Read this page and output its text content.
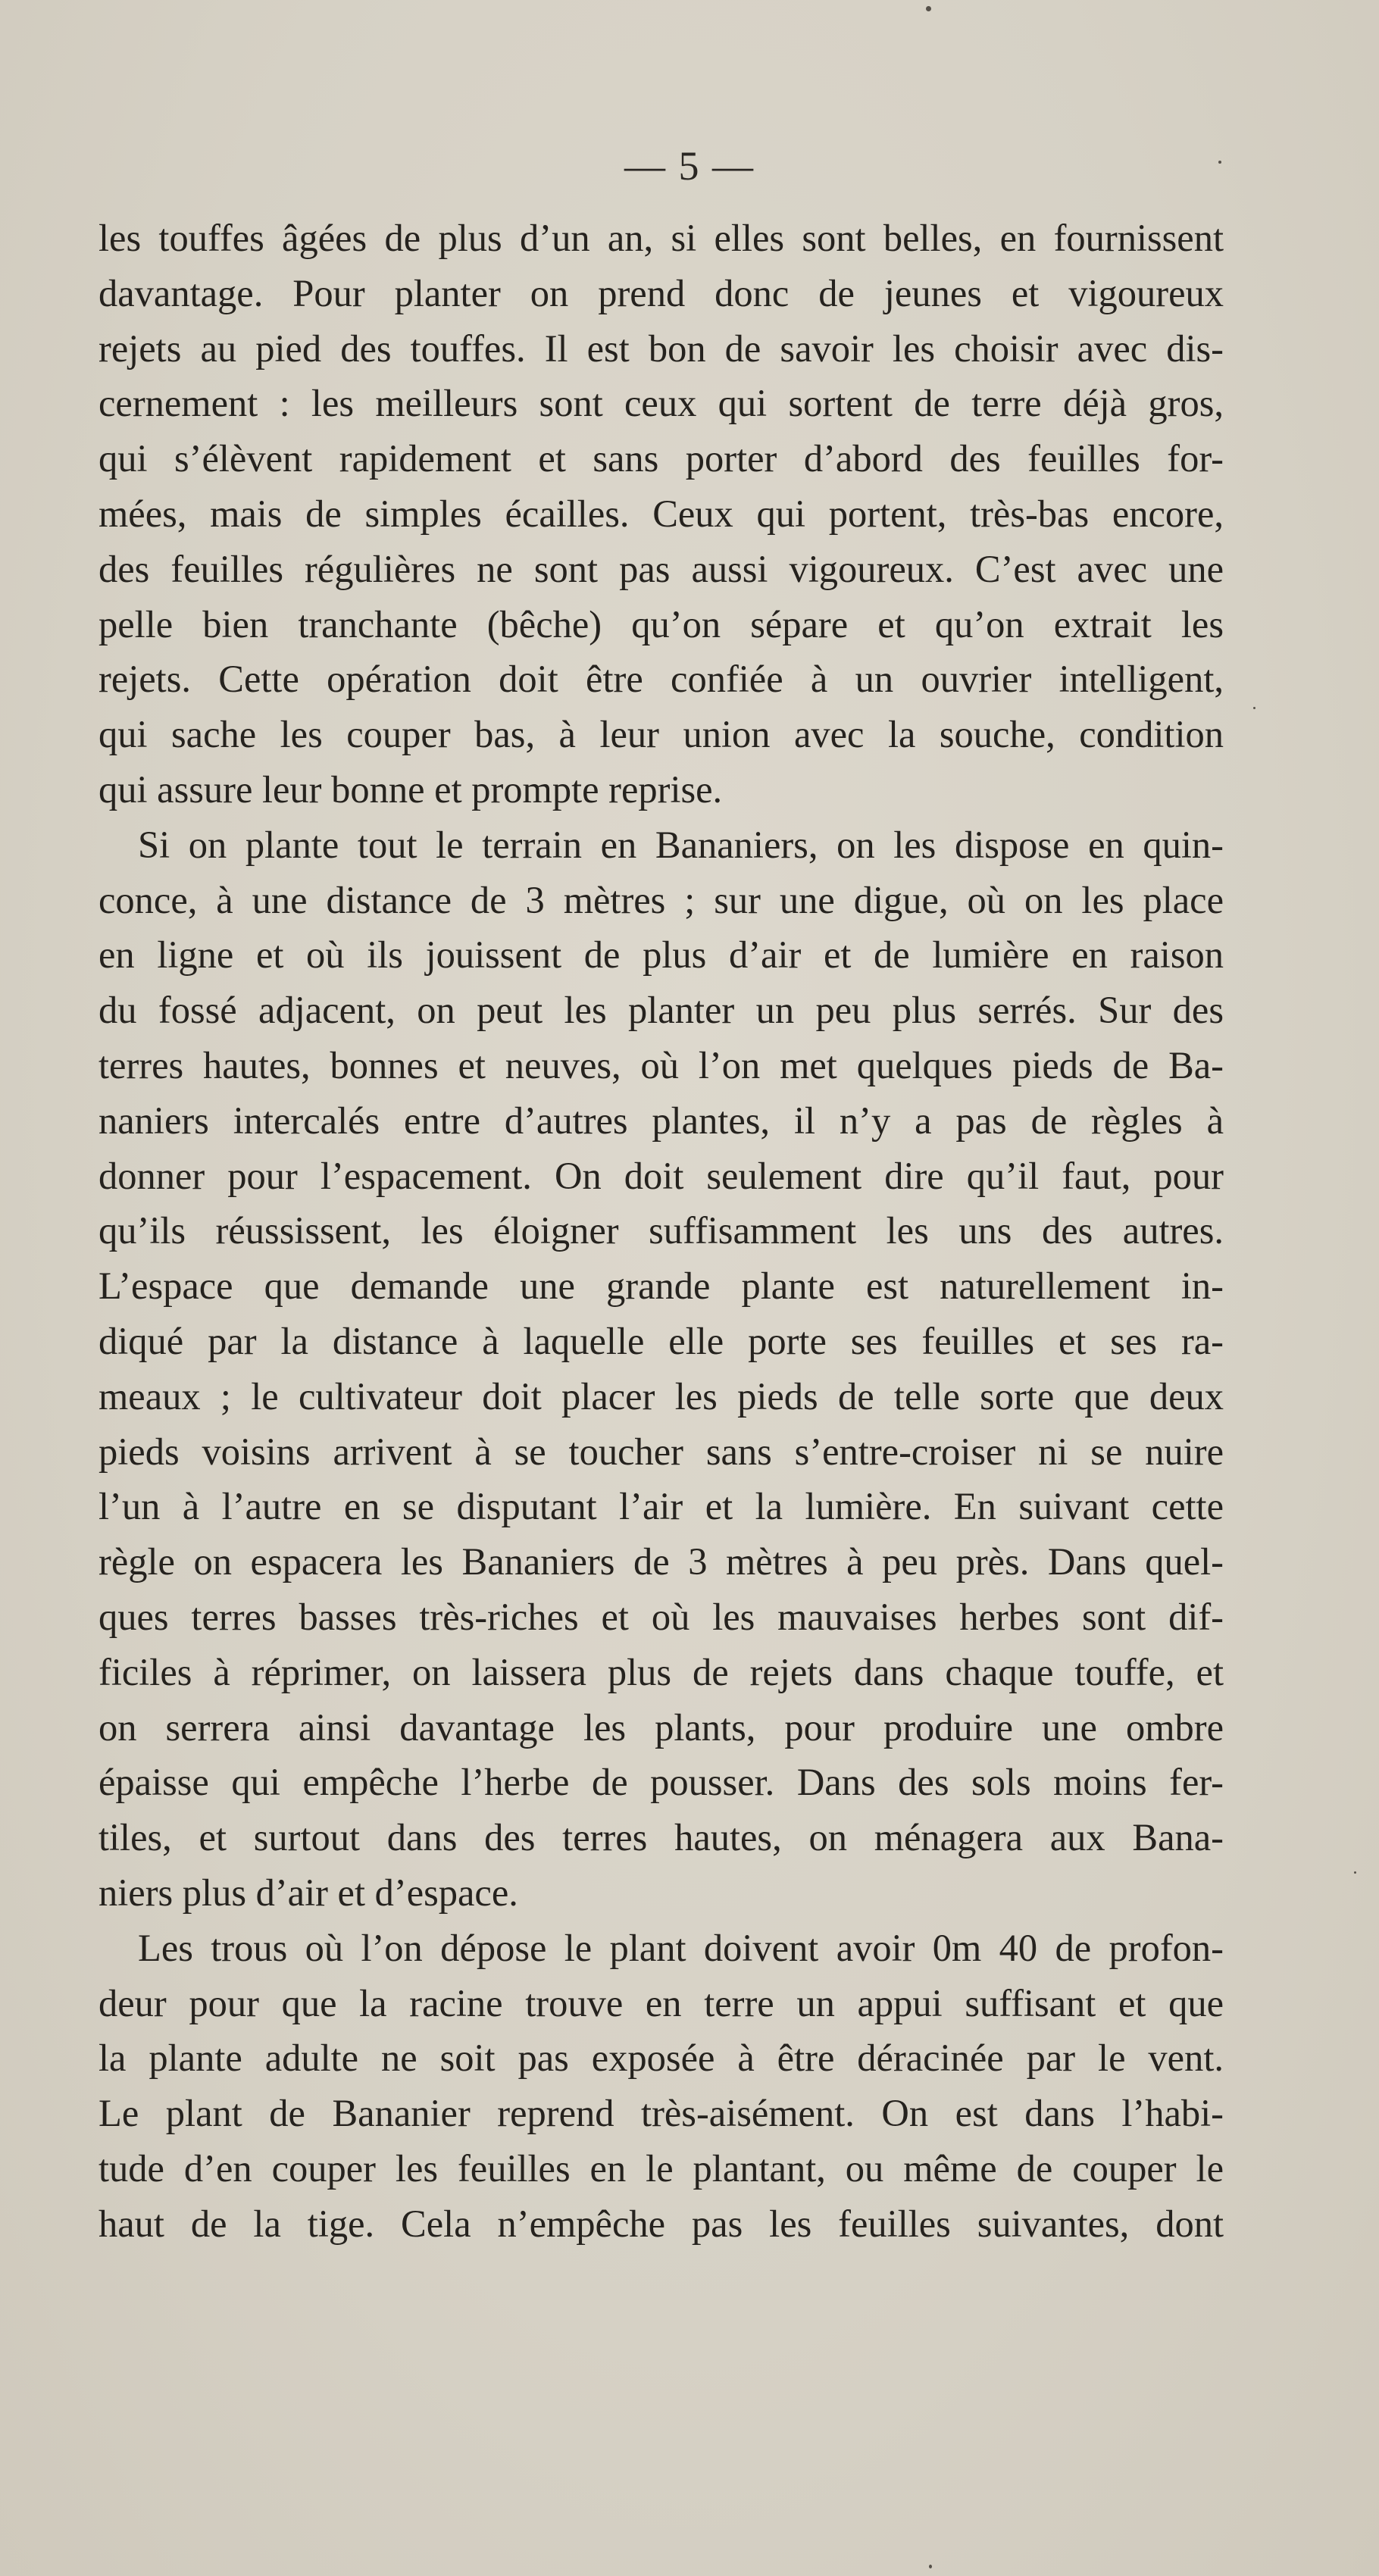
— 5 —
les touffes âgées de plus d’un an, si elles sont belles, en fournissent
davantage. Pour planter on prend donc de jeunes et vigoureux
rejets au pied des touffes. Il est bon de savoir les choisir avec dis-
cernement : les meilleurs sont ceux qui sortent de terre déjà gros,
qui s’élèvent rapidement et sans porter d’abord des feuilles for-
mées, mais de simples écailles. Ceux qui portent, très-bas encore,
des feuilles régulières ne sont pas aussi vigoureux. C’est avec une
pelle bien tranchante (bêche) qu’on sépare et qu’on extrait les
rejets. Cette opération doit être confiée à un ouvrier intelligent,
qui sache les couper bas, à leur union avec la souche, condition
qui assure leur bonne et prompte reprise.
Si on plante tout le terrain en Bananiers, on les dispose en quin-
conce, à une distance de 3 mètres ; sur une digue, où on les place
en ligne et où ils jouissent de plus d’air et de lumière en raison
du fossé adjacent, on peut les planter un peu plus serrés. Sur des
terres hautes, bonnes et neuves, où l’on met quelques pieds de Ba-
naniers intercalés entre d’autres plantes, il n’y a pas de règles à
donner pour l’espacement. On doit seulement dire qu’il faut, pour
qu’ils réussissent, les éloigner suffisamment les uns des autres.
L’espace que demande une grande plante est naturellement in-
diqué par la distance à laquelle elle porte ses feuilles et ses ra-
meaux ; le cultivateur doit placer les pieds de telle sorte que deux
pieds voisins arrivent à se toucher sans s’entre-croiser ni se nuire
l’un à l’autre en se disputant l’air et la lumière. En suivant cette
règle on espacera les Bananiers de 3 mètres à peu près. Dans quel-
ques terres basses très-riches et où les mauvaises herbes sont dif-
ficiles à réprimer, on laissera plus de rejets dans chaque touffe, et
on serrera ainsi davantage les plants, pour produire une ombre
épaisse qui empêche l’herbe de pousser. Dans des sols moins fer-
tiles, et surtout dans des terres hautes, on ménagera aux Bana-
niers plus d’air et d’espace.
Les trous où l’on dépose le plant doivent avoir 0m 40 de profon-
deur pour que la racine trouve en terre un appui suffisant et que
la plante adulte ne soit pas exposée à être déracinée par le vent.
Le plant de Bananier reprend très-aisément. On est dans l’habi-
tude d’en couper les feuilles en le plantant, ou même de couper le
haut de la tige. Cela n’empêche pas les feuilles suivantes, dont
